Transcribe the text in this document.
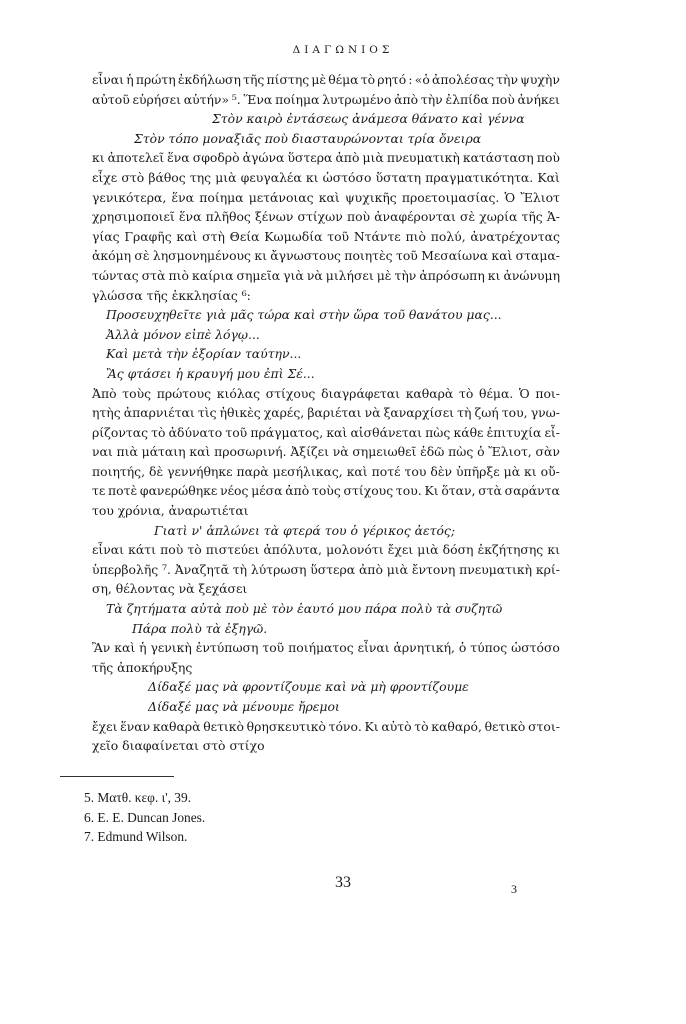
ΔΙΑΓΩΝΙΟΣ
εἶναι ἡ πρώτη ἐκδήλωση τῆς πίστης μὲ θέμα τὸ ρητό : «ὁ ἀπολέσας τὴν ψυχὴν
αὐτοῦ εὑρήσει αὐτήν» ⁵. Ἕνα ποίημα λυτρωμένο ἀπὸ τὴν ἐλπίδα ποὺ ἀνήκει
Στὸν καιρὸ ἐντάσεως ἀνάμεσα θάνατο καὶ γέννα
Στὸν τόπο μοναξιᾶς ποὺ διασταυρώνονται τρία ὄνειρα
κι ἀποτελεῖ ἕνα σφοδρὸ ἀγώνα ὕστερα ἀπὸ μιὰ πνευματικὴ κατάσταση ποὺ
εἶχε στὸ βάθος της μιὰ φευγαλέα κι ὡστόσο ὕστατη πραγματικότητα. Καὶ
γενικότερα, ἕνα ποίημα μετάνοιας καὶ ψυχικῆς προετοιμασίας. Ὁ Ἔλιοτ
χρησιμοποιεῖ ἕνα πλῆθος ξένων στίχων ποὺ ἀναφέρονται σὲ χωρία τῆς Ἁ-
γίας Γραφῆς καὶ στὴ Θεία Κωμωδία τοῦ Ντάντε πιὸ πολύ, ἀνατρέχοντας
ἀκόμη σὲ λησμονημένους κι ἄγνωστους ποιητὲς τοῦ Μεσαίωνα καὶ σταμα-
τώντας στὰ πιὸ καίρια σημεῖα γιὰ νὰ μιλήσει μὲ τὴν ἀπρόσωπη κι ἀνώνυμη
γλώσσα τῆς ἐκκλησίας ⁶:
Προσευχηθεῖτε γιὰ μᾶς τώρα καὶ στὴν ὥρα τοῦ θανάτου μας...
Ἀλλὰ μόνον εἰπὲ λόγῳ...
Καὶ μετὰ τὴν ἐξορίαν ταύτην...
Ἂς φτάσει ἡ κραυγή μου ἐπὶ Σέ...
Ἀπὸ τοὺς πρώτους κιόλας στίχους διαγράφεται καθαρὰ τὸ θέμα. Ὁ ποι-
ητὴς ἀπαρνιέται τὶς ἠθικὲς χαρές, βαριέται νὰ ξαναρχίσει τὴ ζωή του, γνω-
ρίζοντας τὸ ἀδύνατο τοῦ πράγματος, καὶ αἰσθάνεται πὼς κάθε ἐπιτυχία εἶ-
ναι πιὰ μάταιη καὶ προσωρινή. Ἀξίζει νὰ σημειωθεῖ ἐδῶ πὼς ὁ Ἔλιοτ, σὰν
ποιητής, δὲ γεννήθηκε παρὰ μεσήλικας, καὶ ποτέ του δὲν ὑπῆρξε μὰ κι οὔ-
τε ποτὲ φανερώθηκε νέος μέσα ἀπὸ τοὺς στίχους του. Κι ὅταν, στὰ σαράντα
του χρόνια, ἀναρωτιέται
Γιατὶ ν' ἁπλώνει τὰ φτερά του ὁ γέρικος ἀετός;
εἶναι κάτι ποὺ τὸ πιστεύει ἀπόλυτα, μολονότι ἔχει μιὰ δόση ἐκζήτησης κι
ὑπερβολῆς ⁷. Ἀναζητᾶ τὴ λύτρωση ὕστερα ἀπὸ μιὰ ἔντονη πνευματικὴ κρί-
ση, θέλοντας νὰ ξεχάσει
Τὰ ζητήματα αὐτὰ ποὺ μὲ τὸν ἑαυτό μου πάρα πολὺ τὰ συζητῶ
Πάρα πολὺ τὰ ἐξηγῶ.
Ἂν καὶ ἡ γενικὴ ἐντύπωση τοῦ ποιήματος εἶναι ἀρνητική, ὁ τύπος ὡστόσο
τῆς ἀποκήρυξης
Δίδαξέ μας νὰ φροντίζουμε καὶ νὰ μὴ φροντίζουμε
Δίδαξέ μας νὰ μένουμε ἤρεμοι
ἔχει ἕναν καθαρὰ θετικὸ θρησκευτικὸ τόνο. Κι αὐτὸ τὸ καθαρό, θετικὸ στοι-
χεῖο διαφαίνεται στὸ στίχο
5. Ματθ. κεφ. ι', 39.
6. E. E. Duncan Jones.
7. Edmund Wilson.
33	3
